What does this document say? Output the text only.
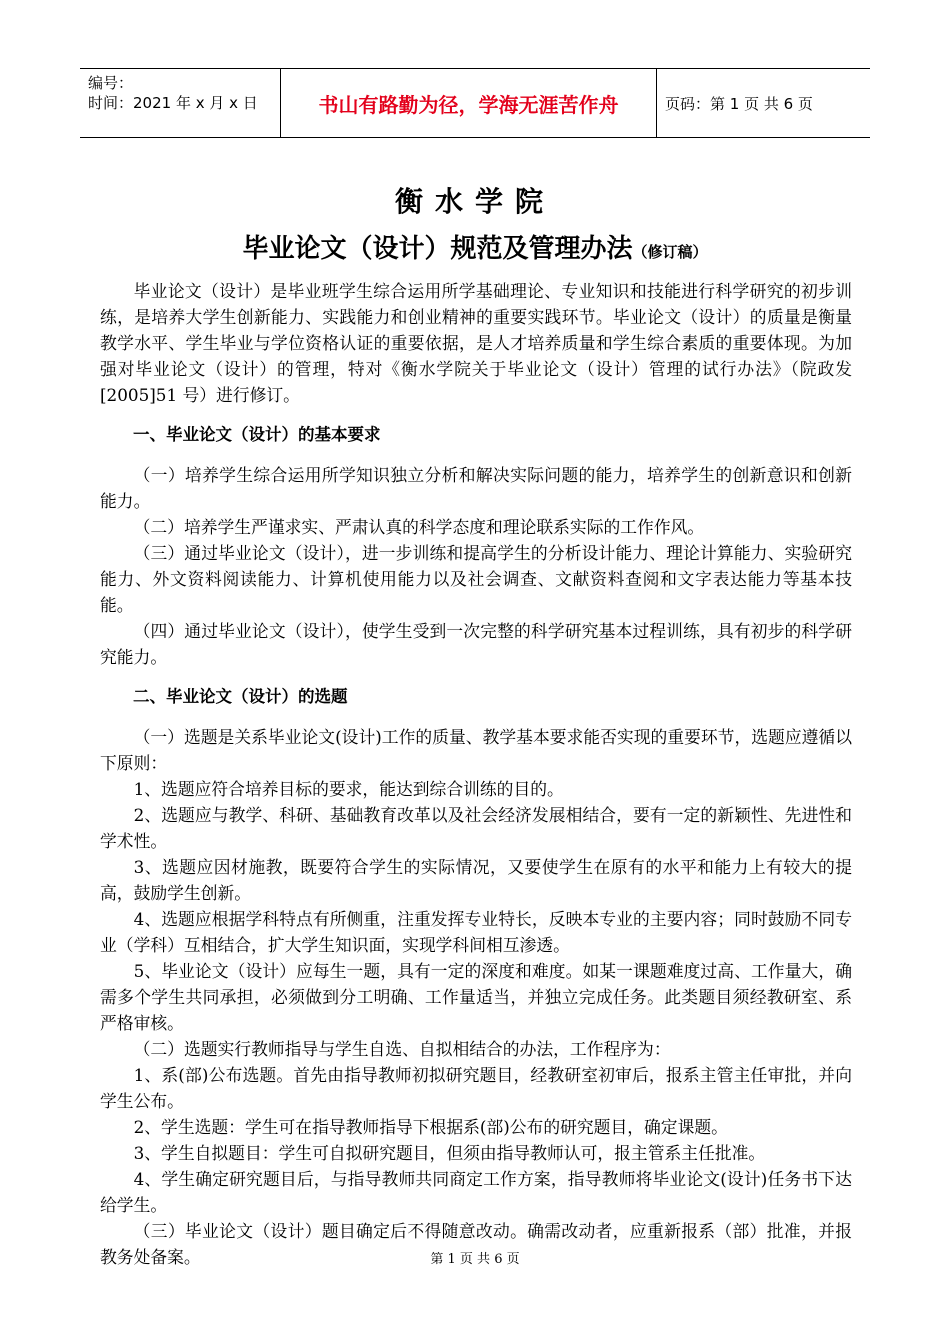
编号：
时间：2021 年 x 月 x 日	书山有路勤为径，学海无涯苦作舟	页码：第 1 页 共 6 页
衡水学院
毕业论文（设计）规范及管理办法（修订稿）

毕业论文（设计）是毕业班学生综合运用所学基础理论、专业知识和技能进行科学研究的初步训练，是培养大学生创新能力、实践能力和创业精神的重要实践环节。毕业论文（设计）的质量是衡量教学水平、学生毕业与学位资格认证的重要依据，是人才培养质量和学生综合素质的重要体现。为加强对毕业论文（设计）的管理，特对《衡水学院关于毕业论文（设计）管理的试行办法》（院政发[2005]51 号）进行修订。

一、毕业论文（设计）的基本要求

（一）培养学生综合运用所学知识独立分析和解决实际问题的能力，培养学生的创新意识和创新能力。

（二）培养学生严谨求实、严肃认真的科学态度和理论联系实际的工作作风。

（三）通过毕业论文（设计），进一步训练和提高学生的分析设计能力、理论计算能力、实验研究能力、外文资料阅读能力、计算机使用能力以及社会调查、文献资料查阅和文字表达能力等基本技能。

（四）通过毕业论文（设计），使学生受到一次完整的科学研究基本过程训练，具有初步的科学研究能力。

二、毕业论文（设计）的选题

（一）选题是关系毕业论文(设计)工作的质量、教学基本要求能否实现的重要环节，选题应遵循以下原则：

1、选题应符合培养目标的要求，能达到综合训练的目的。

2、选题应与教学、科研、基础教育改革以及社会经济发展相结合，要有一定的新颖性、先进性和学术性。

3、选题应因材施教，既要符合学生的实际情况，又要使学生在原有的水平和能力上有较大的提高，鼓励学生创新。

4、选题应根据学科特点有所侧重，注重发挥专业特长，反映本专业的主要内容；同时鼓励不同专业（学科）互相结合，扩大学生知识面，实现学科间相互渗透。

5、毕业论文（设计）应每生一题，具有一定的深度和难度。如某一课题难度过高、工作量大，确需多个学生共同承担，必须做到分工明确、工作量适当，并独立完成任务。此类题目须经教研室、系严格审核。

（二）选题实行教师指导与学生自选、自拟相结合的办法，工作程序为：

1、系(部)公布选题。首先由指导教师初拟研究题目，经教研室初审后，报系主管主任审批，并向学生公布。

2、学生选题：学生可在指导教师指导下根据系(部)公布的研究题目，确定课题。

3、学生自拟题目：学生可自拟研究题目，但须由指导教师认可，报主管系主任批准。

4、学生确定研究题目后，与指导教师共同商定工作方案，指导教师将毕业论文(设计)任务书下达给学生。

（三）毕业论文（设计）题目确定后不得随意改动。确需改动者，应重新报系（部）批准，并报教务处备案。	第 1 页 共 6 页
